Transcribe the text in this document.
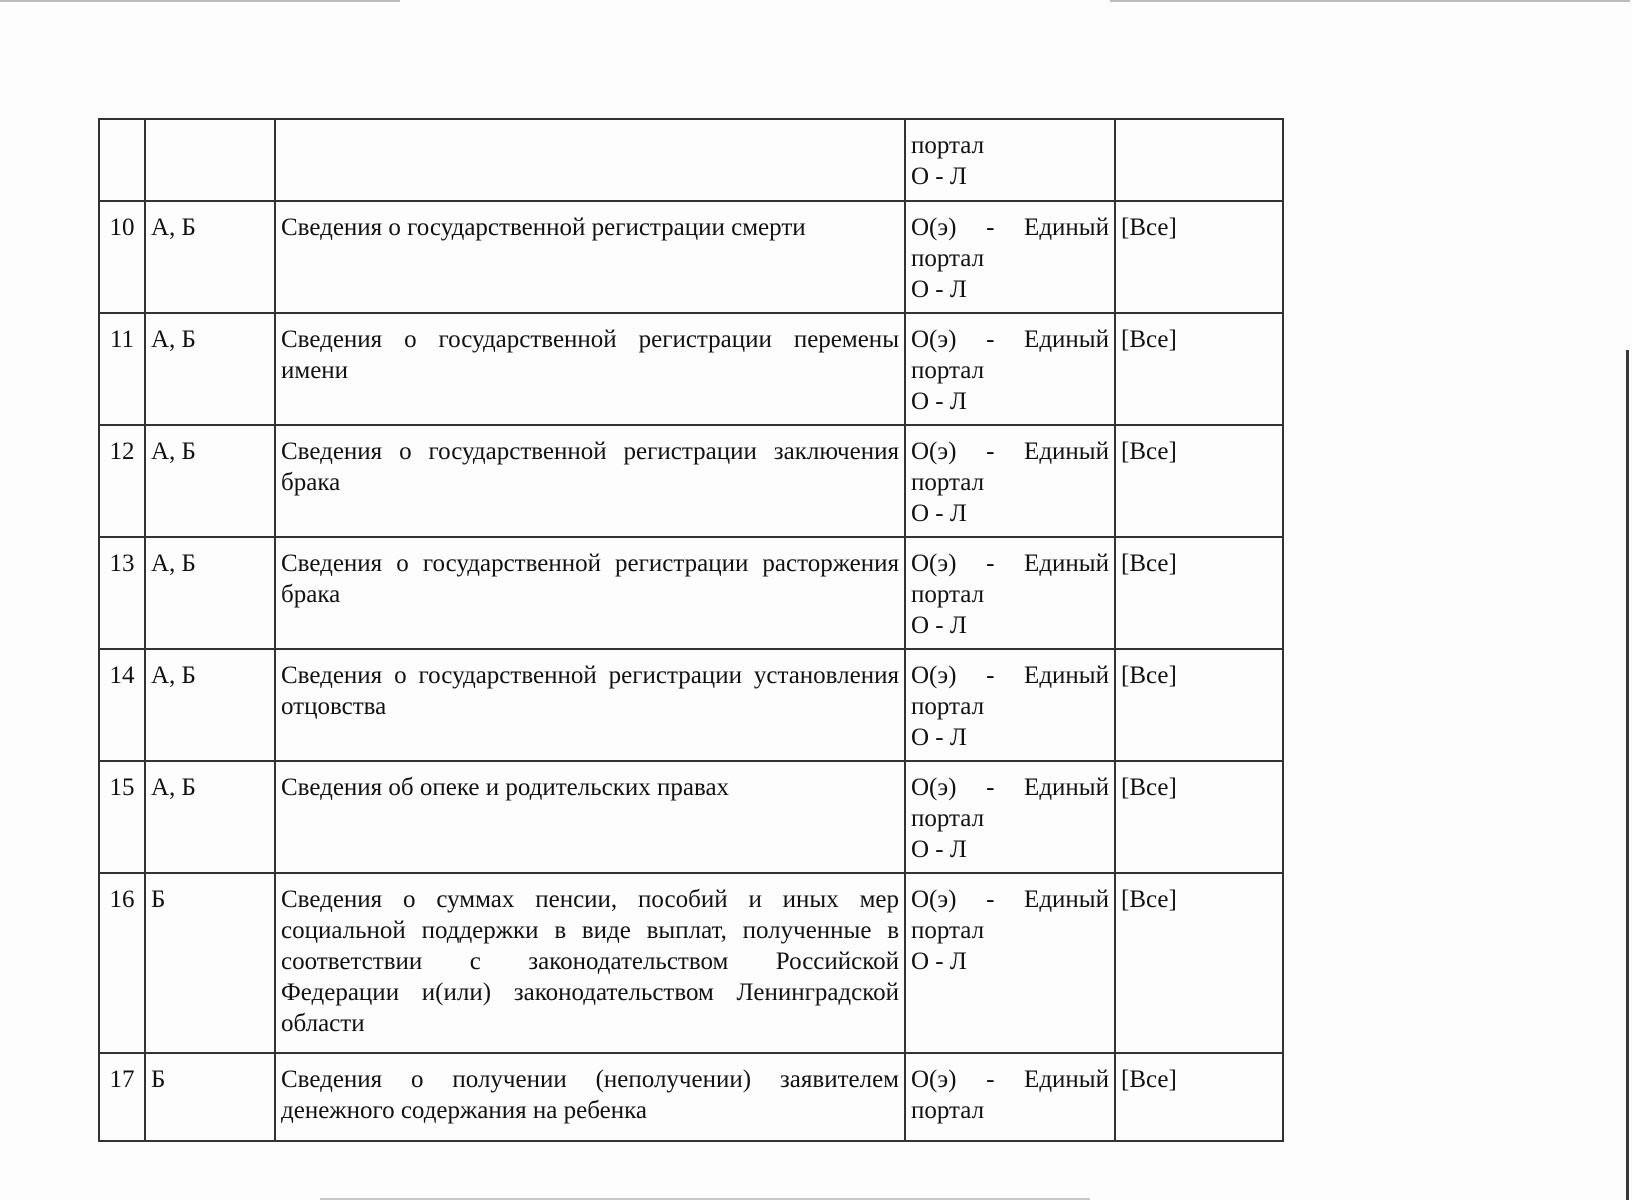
			портал
О - Л	

10	А, Б	Сведения о государственной регистрации смерти	О(э) - Единый
портал
О - Л	[Все]
11	А, Б	Сведения о государственной регистрации перемены имени	О(э) - Единый
портал
О - Л	[Все]
12	А, Б	Сведения о государственной регистрации заключения брака	О(э) - Единый
портал
О - Л	[Все]
13	А, Б	Сведения о государственной регистрации расторжения брака	О(э) - Единый
портал
О - Л	[Все]
14	А, Б	Сведения о государственной регистрации установления отцовства	О(э) - Единый
портал
О - Л	[Все]
15	А, Б	Сведения об опеке и родительских правах	О(э) - Единый
портал
О - Л	[Все]
16	Б	Сведения о суммах пенсии, пособий и иных мер социальной поддержки в виде выплат, полученные в соответствии с законодательством Российской Федерации и(или) законодательством Ленинградской области	О(э) - Единый
портал
О - Л	[Все]
17	Б	Сведения о получении (неполучении) заявителем денежного содержания на ребенка	О(э) - Единый
портал	[Все]
